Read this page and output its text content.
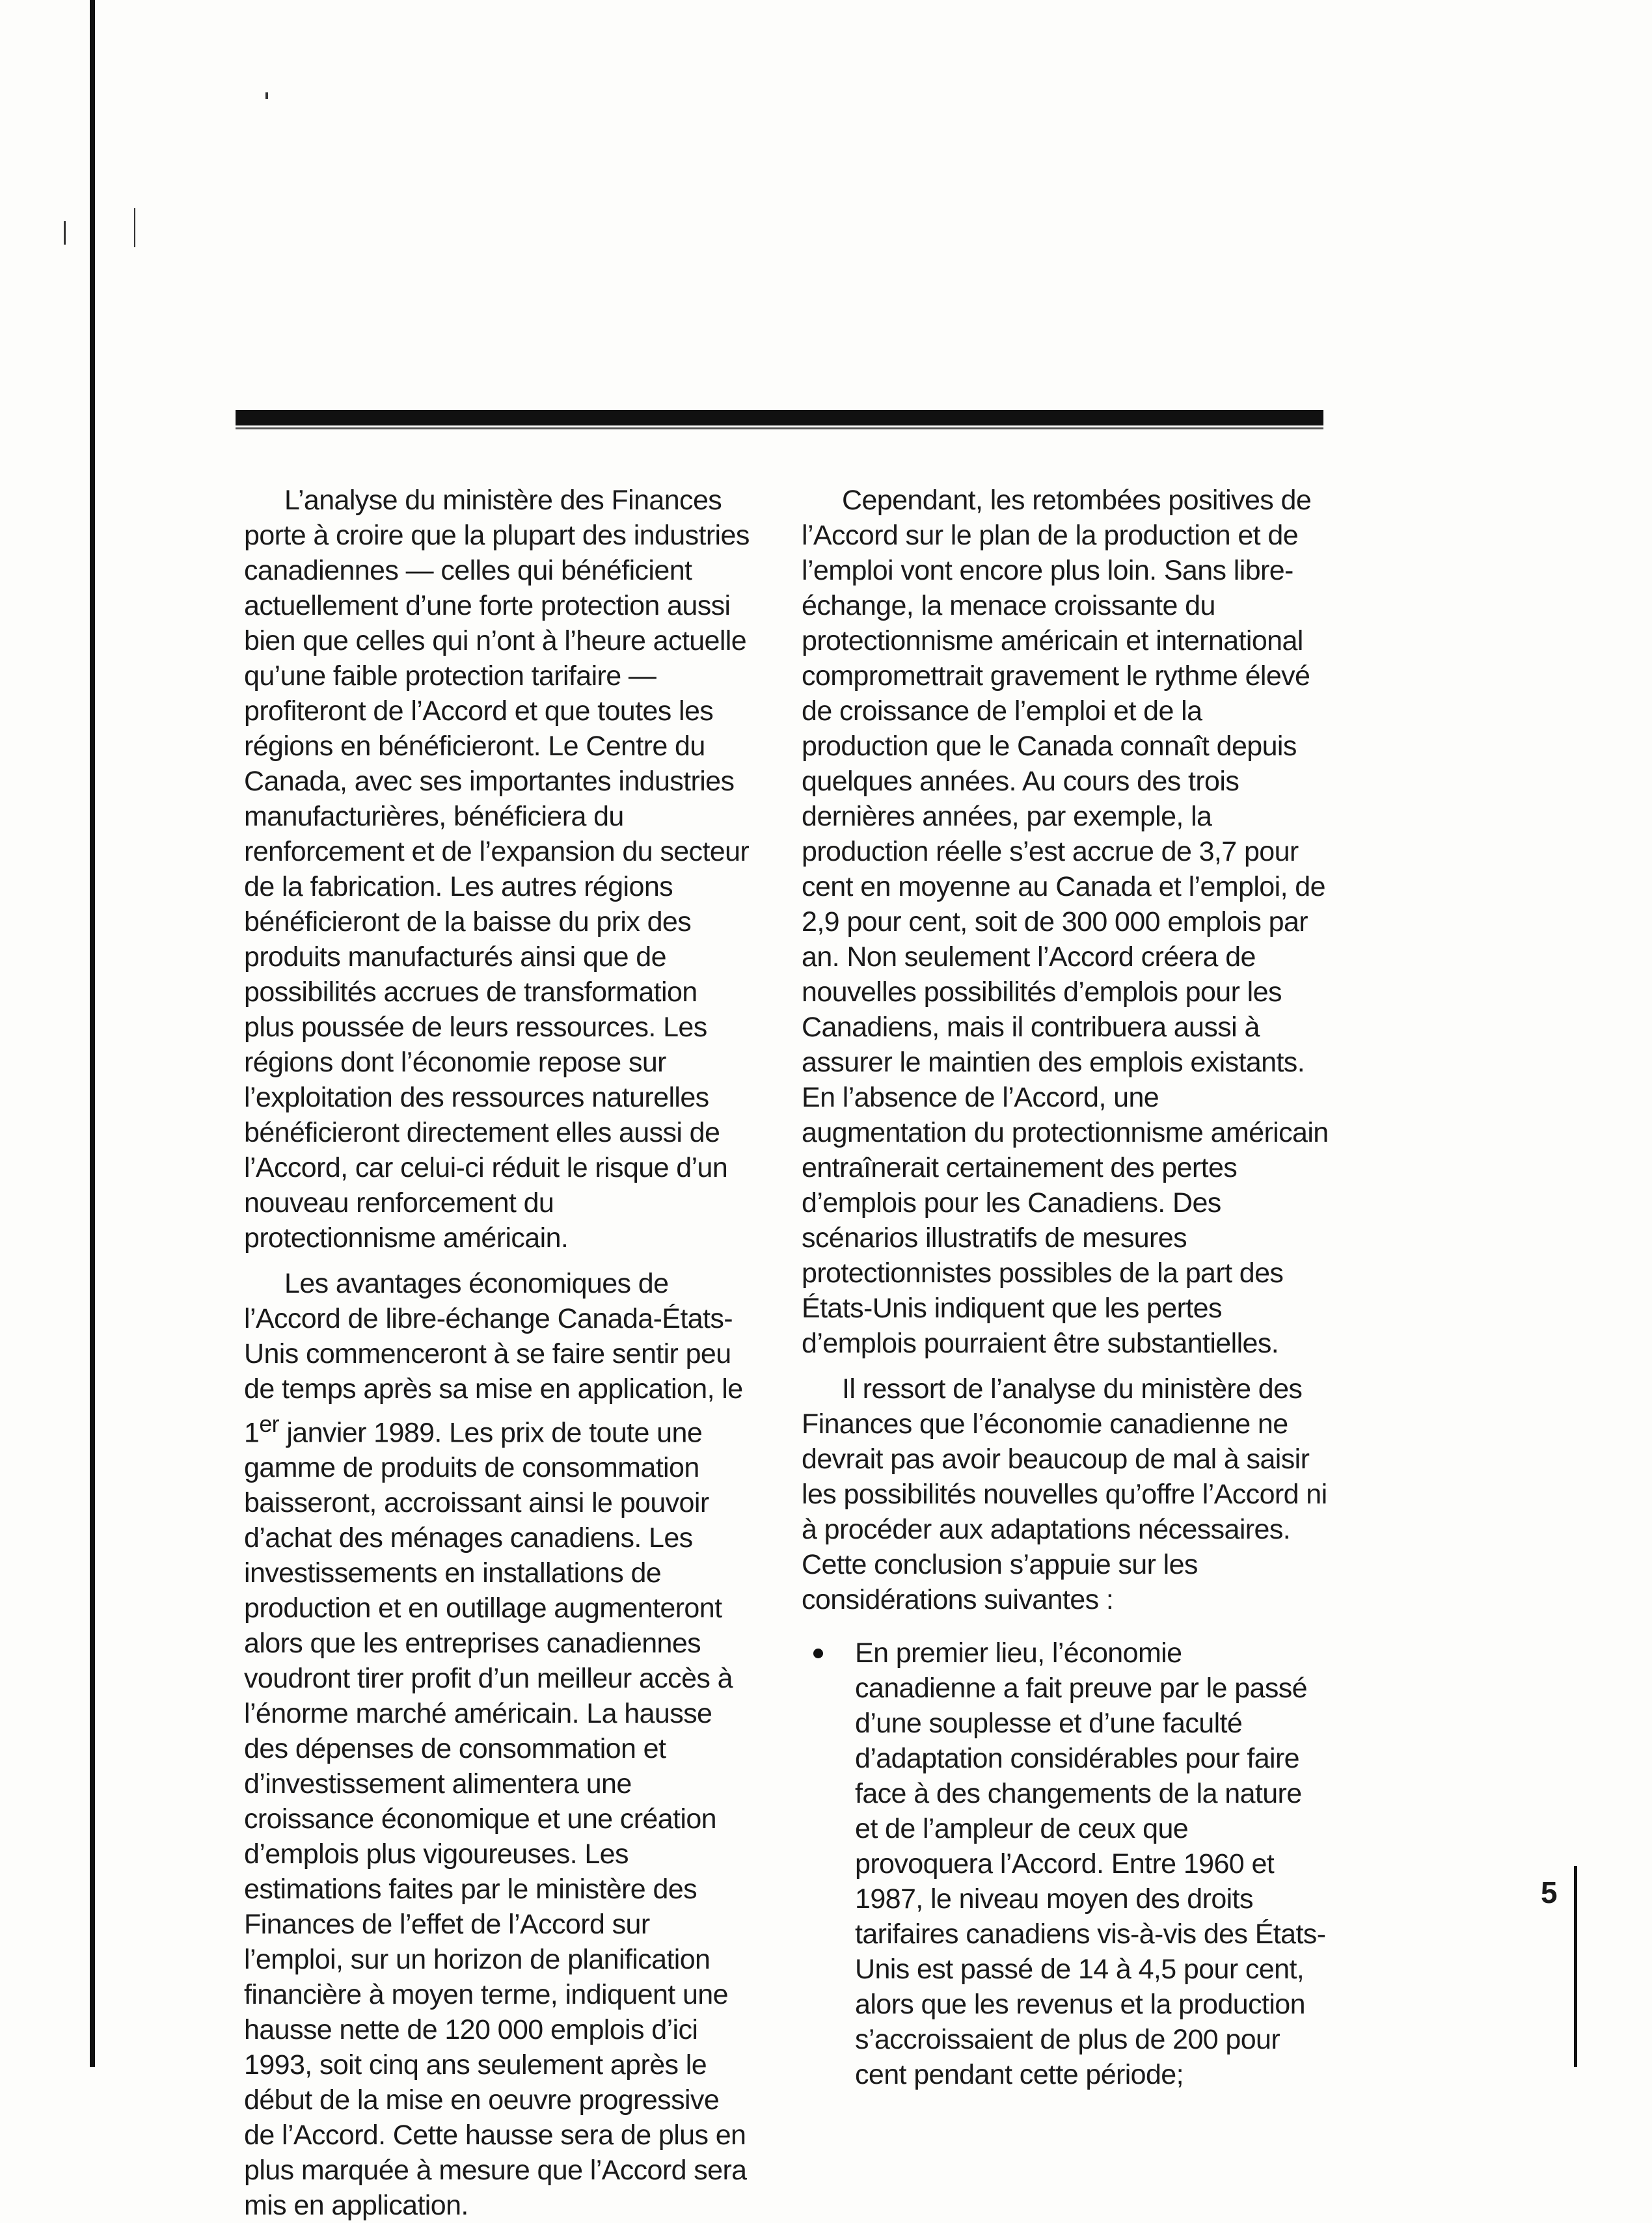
L’analyse du ministère des Finances porte à croire que la plupart des industries canadiennes — celles qui bénéficient actuellement d’une forte protection aussi bien que celles qui n’ont à l’heure actuelle qu’une faible protection tarifaire — profiteront de l’Accord et que toutes les régions en bénéficieront. Le Centre du Canada, avec ses importantes industries manufacturières, bénéficiera du renforcement et de l’expansion du secteur de la fabrication. Les autres régions bénéficieront de la baisse du prix des produits manufacturés ainsi que de possibilités accrues de transformation plus poussée de leurs ressources. Les régions dont l’économie repose sur l’exploitation des ressources naturelles bénéficieront directement elles aussi de l’Accord, car celui-ci réduit le risque d’un nouveau renforcement du protectionnisme américain.

Les avantages économiques de l’Accord de libre-échange Canada-États-Unis commenceront à se faire sentir peu de temps après sa mise en application, le 1er janvier 1989. Les prix de toute une gamme de produits de consommation baisseront, accroissant ainsi le pouvoir d’achat des ménages canadiens. Les investissements en installations de production et en outillage augmenteront alors que les entreprises canadiennes voudront tirer profit d’un meilleur accès à l’énorme marché américain. La hausse des dépenses de consommation et d’investissement alimentera une croissance économique et une création d’emplois plus vigoureuses. Les estimations faites par le ministère des Finances de l’effet de l’Accord sur l’emploi, sur un horizon de planification financière à moyen terme, indiquent une hausse nette de 120 000 emplois d’ici 1993, soit cinq ans seulement après le début de la mise en oeuvre progressive de l’Accord. Cette hausse sera de plus en plus marquée à mesure que l’Accord sera mis en application.

Cependant, les retombées positives de l’Accord sur le plan de la production et de l’emploi vont encore plus loin. Sans libre-échange, la menace croissante du protectionnisme américain et international compromettrait gravement le rythme élevé de croissance de l’emploi et de la production que le Canada connaît depuis quelques années. Au cours des trois dernières années, par exemple, la production réelle s’est accrue de 3,7 pour cent en moyenne au Canada et l’emploi, de 2,9 pour cent, soit de 300 000 emplois par an. Non seulement l’Accord créera de nouvelles possibilités d’emplois pour les Canadiens, mais il contribuera aussi à assurer le maintien des emplois existants. En l’absence de l’Accord, une augmentation du protectionnisme américain entraînerait certainement des pertes d’emplois pour les Canadiens. Des scénarios illustratifs de mesures protectionnistes possibles de la part des États-Unis indiquent que les pertes d’emplois pourraient être substantielles.

Il ressort de l’analyse du ministère des Finances que l’économie canadienne ne devrait pas avoir beaucoup de mal à saisir les possibilités nouvelles qu’offre l’Accord ni à procéder aux adaptations nécessaires. Cette conclusion s’appuie sur les considérations suivantes :

En premier lieu, l’économie canadienne a fait preuve par le passé d’une souplesse et d’une faculté d’adaptation considérables pour faire face à des changements de la nature et de l’ampleur de ceux que provoquera l’Accord. Entre 1960 et 1987, le niveau moyen des droits tarifaires canadiens vis-à-vis des États-Unis est passé de 14 à 4,5 pour cent, alors que les revenus et la production s’accroissaient de plus de 200 pour cent pendant cette période;

5
